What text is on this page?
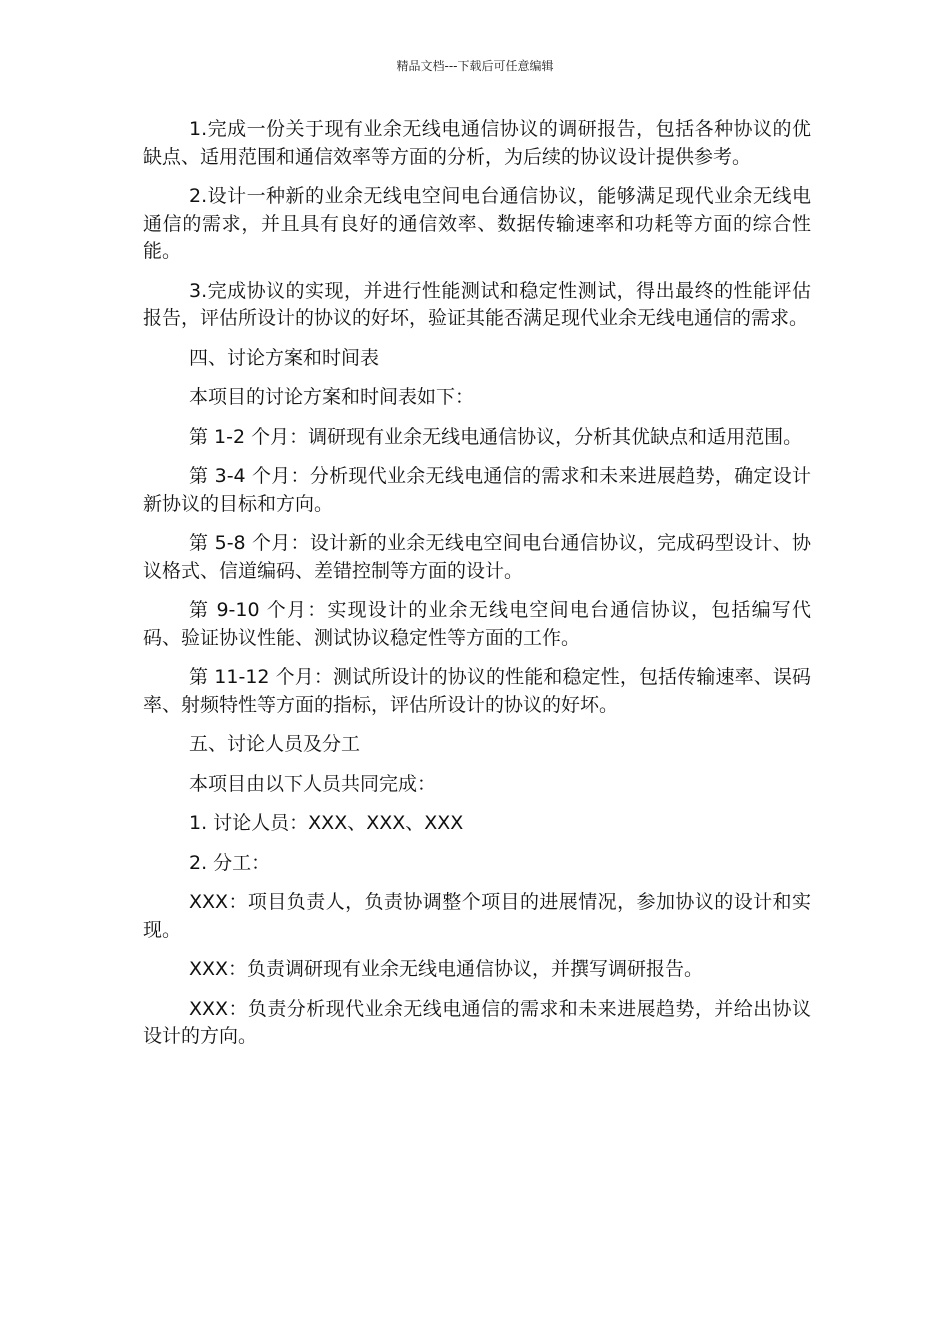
精品文档---下载后可任意编辑

1.完成一份关于现有业余无线电通信协议的调研报告，包括各种协议的优缺点、适用范围和通信效率等方面的分析，为后续的协议设计提供参考。

2.设计一种新的业余无线电空间电台通信协议，能够满足现代业余无线电通信的需求，并且具有良好的通信效率、数据传输速率和功耗等方面的综合性能。

3.完成协议的实现，并进行性能测试和稳定性测试，得出最终的性能评估报告，评估所设计的协议的好坏，验证其能否满足现代业余无线电通信的需求。

四、讨论方案和时间表

本项目的讨论方案和时间表如下：

第 1-2 个月：调研现有业余无线电通信协议，分析其优缺点和适用范围。

第 3-4 个月：分析现代业余无线电通信的需求和未来进展趋势，确定设计新协议的目标和方向。

第 5-8 个月：设计新的业余无线电空间电台通信协议，完成码型设计、协议格式、信道编码、差错控制等方面的设计。

第 9-10 个月：实现设计的业余无线电空间电台通信协议，包括编写代码、验证协议性能、测试协议稳定性等方面的工作。

第 11-12 个月：测试所设计的协议的性能和稳定性，包括传输速率、误码率、射频特性等方面的指标，评估所设计的协议的好坏。

五、讨论人员及分工

本项目由以下人员共同完成：

1. 讨论人员：XXX、XXX、XXX

2. 分工：

XXX：项目负责人，负责协调整个项目的进展情况，参加协议的设计和实现。

XXX：负责调研现有业余无线电通信协议，并撰写调研报告。

XXX：负责分析现代业余无线电通信的需求和未来进展趋势，并给出协议设计的方向。
